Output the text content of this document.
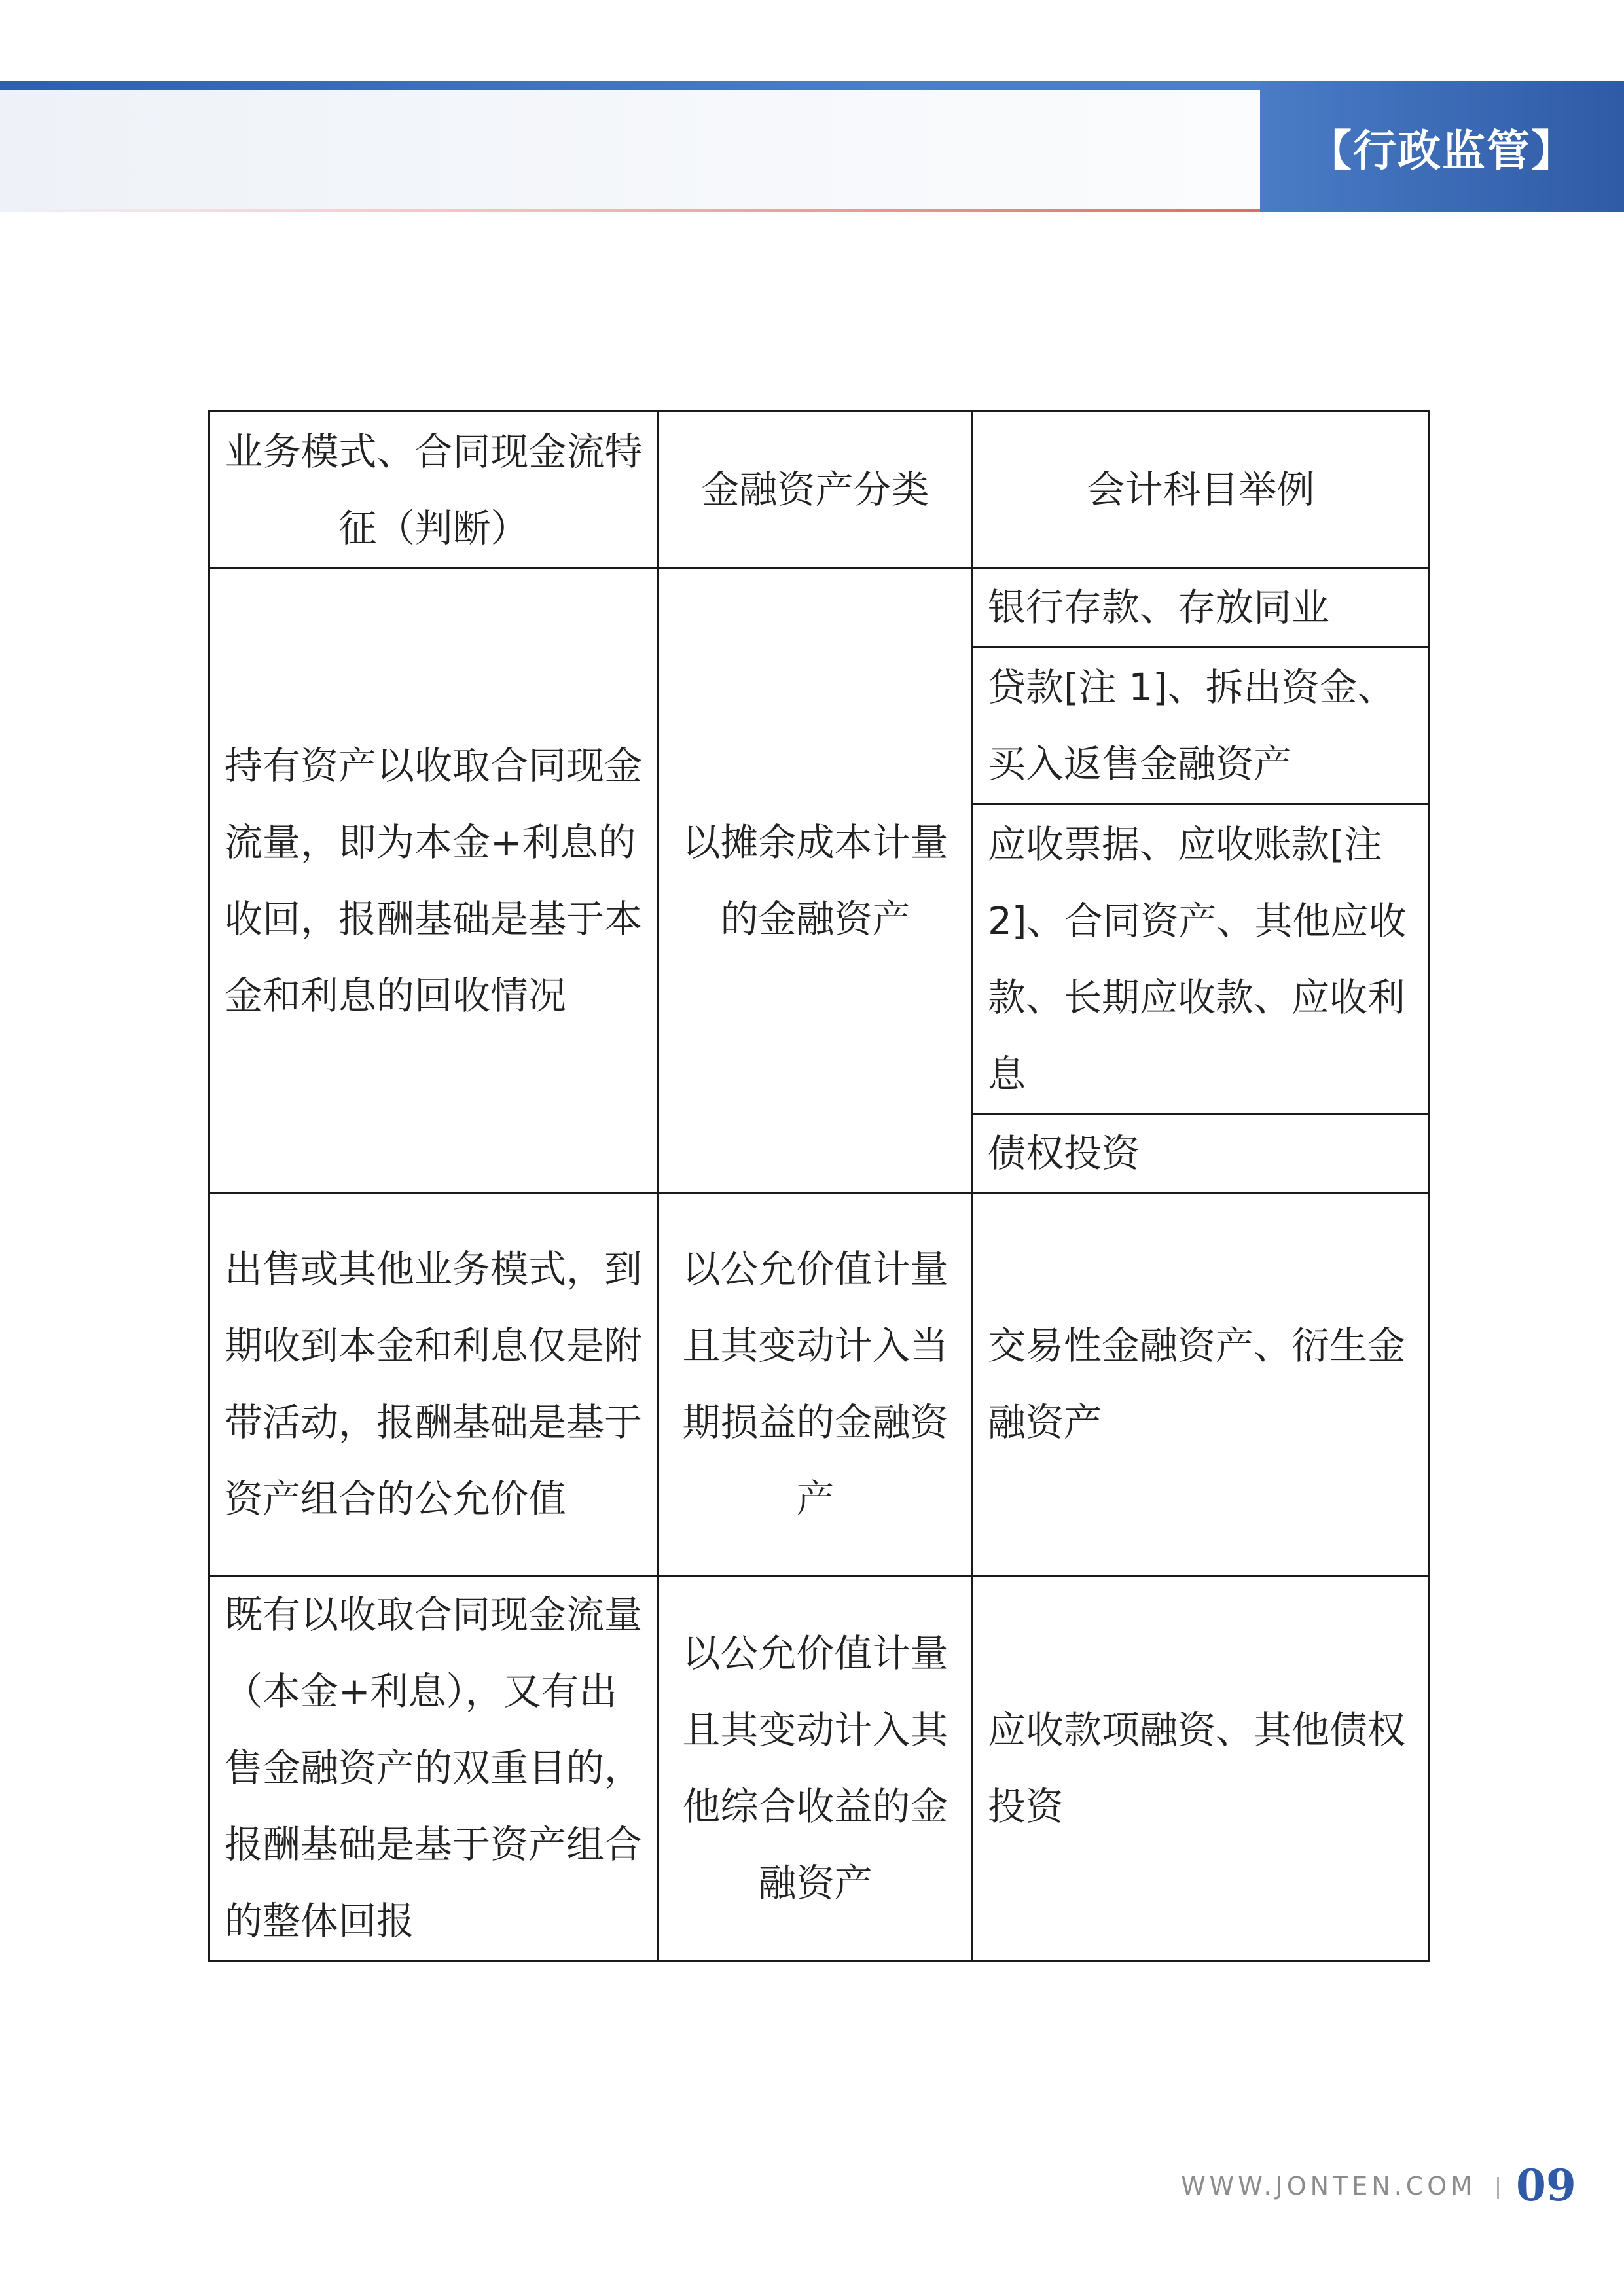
【行政监管】
业务模式、合同现金流特征（判断）	金融资产分类	会计科目举例
持有资产以收取合同现金流量，即为本金+利息的收回，报酬基础是基于本金和利息的回收情况	以摊余成本计量的金融资产	银行存款、存放同业
		贷款[注 1]、拆出资金、买入返售金融资产
		应收票据、应收账款[注 2]、合同资产、其他应收款、长期应收款、应收利息
		债权投资
出售或其他业务模式，到期收到本金和利息仅是附带活动，报酬基础是基于资产组合的公允价值	以公允价值计量且其变动计入当期损益的金融资产	交易性金融资产、衍生金融资产
既有以收取合同现金流量（本金+利息），又有出售金融资产的双重目的，报酬基础是基于资产组合的整体回报	以公允价值计量且其变动计入其他综合收益的金融资产	应收款项融资、其他债权投资
WWW.JONTEN.COM 09
